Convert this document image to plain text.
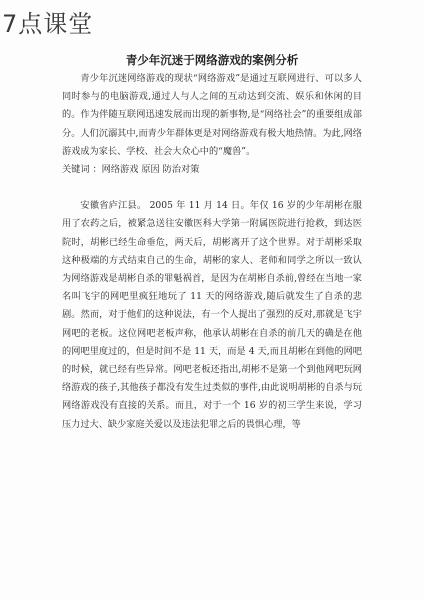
7点课堂
青少年沉迷于网络游戏的案例分析

青少年沉迷网络游戏的现状“网络游戏”是通过互联网进行、可以多人同时参与的电脑游戏,通过人与人之间的互动达到交流、娱乐和休闲的目的。作为伴随互联网迅速发展而出现的新事物,是“网络社会”的重要组成部分。人们沉溺其中,而青少年群体更是对网络游戏有极大地热情。为此,网络游戏成为家长、学校、社会大众心中的“魔兽”。

关键词 ：网络游戏 原因 防治对策

安徽省庐江县。 2005 年 11 月 14 日。年仅 16 岁的少年胡彬在服用了农药之后，被紧急送往安徽医科大学第一附属医院进行抢救，到达医院时，胡彬已经生命垂危，两天后，胡彬离开了这个世界。对于胡彬采取这种极端的方式结束自己的生命，胡彬的家人、老师和同学之所以一致认为网络游戏是胡彬自杀的罪魁祸首，是因为在胡彬自杀前,曾经在当地一家名叫飞宇的网吧里疯狂地玩了 11 天的网络游戏,随后就发生了自杀的悲剧。然而，对于他们的这种说法，有一个人提出了强烈的反对,那就是飞宇网吧的老板。这位网吧老板声称，他承认胡彬在自杀的前几天的确是在他的网吧里度过的，但是时间不是 11 天，而是 4 天,而且胡彬在到他的网吧的时候，就已经有些异常。网吧老板还指出,胡彬不是第一个到他网吧玩网络游戏的孩子,其他孩子都没有发生过类似的事件,由此说明胡彬的自杀与玩网络游戏没有直接的关系。而且，对于一个 16 岁的初三学生来说，学习压力过大、缺少家庭关爱以及违法犯罪之后的畏惧心理，等
